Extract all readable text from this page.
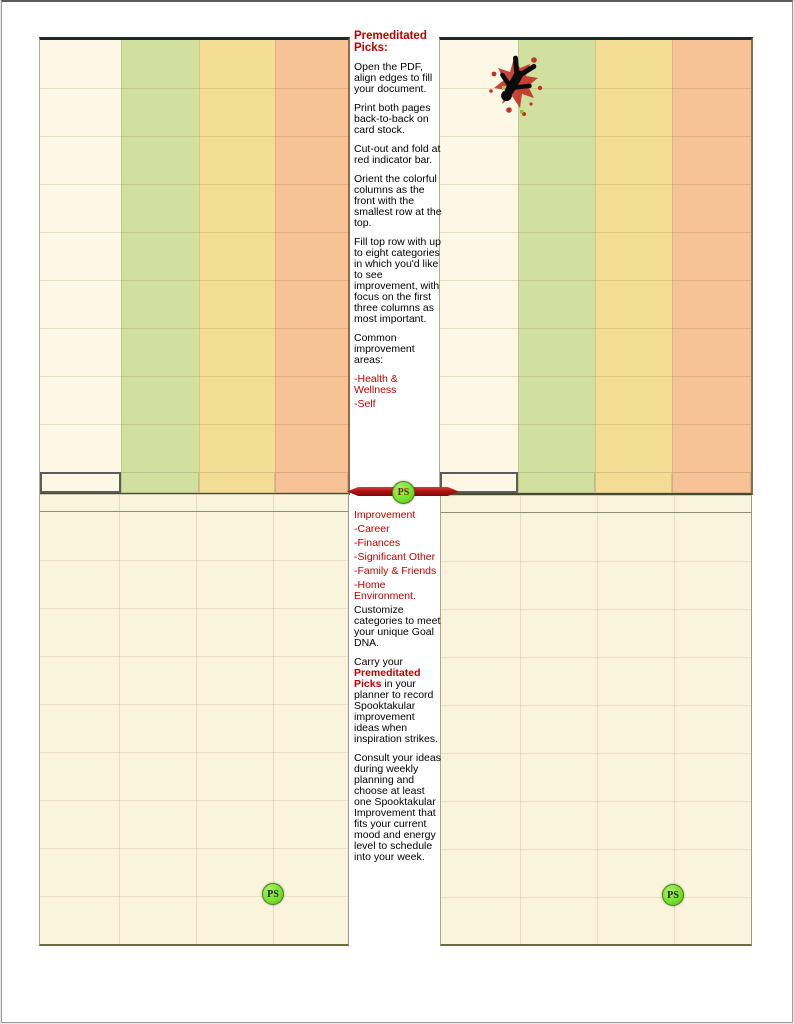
Premeditated Picks:

Open the PDF, align edges to fill your document.

Print both pages back-to-back on card stock.

Cut-out and fold at red indicator bar.

Orient the colorful columns as the front with the smallest row at the top.

Fill top row with up to eight categories in which you'd like to see improvement, with focus on the first three columns as most important.

Common improvement areas:

-Health & Wellness

-Self

Improvement

-Career

-Finances

-Significant Other

-Family & Friends

-Home Environment.

Customize categories to meet your unique Goal DNA.

Carry your Premeditated Picks in your planner to record Spooktakular improvement ideas when inspiration strikes.

Consult your ideas during weekly planning and choose at least one Spooktakular Improvement that fits your current mood and energy level to schedule into your week.

PS
PS	PS
